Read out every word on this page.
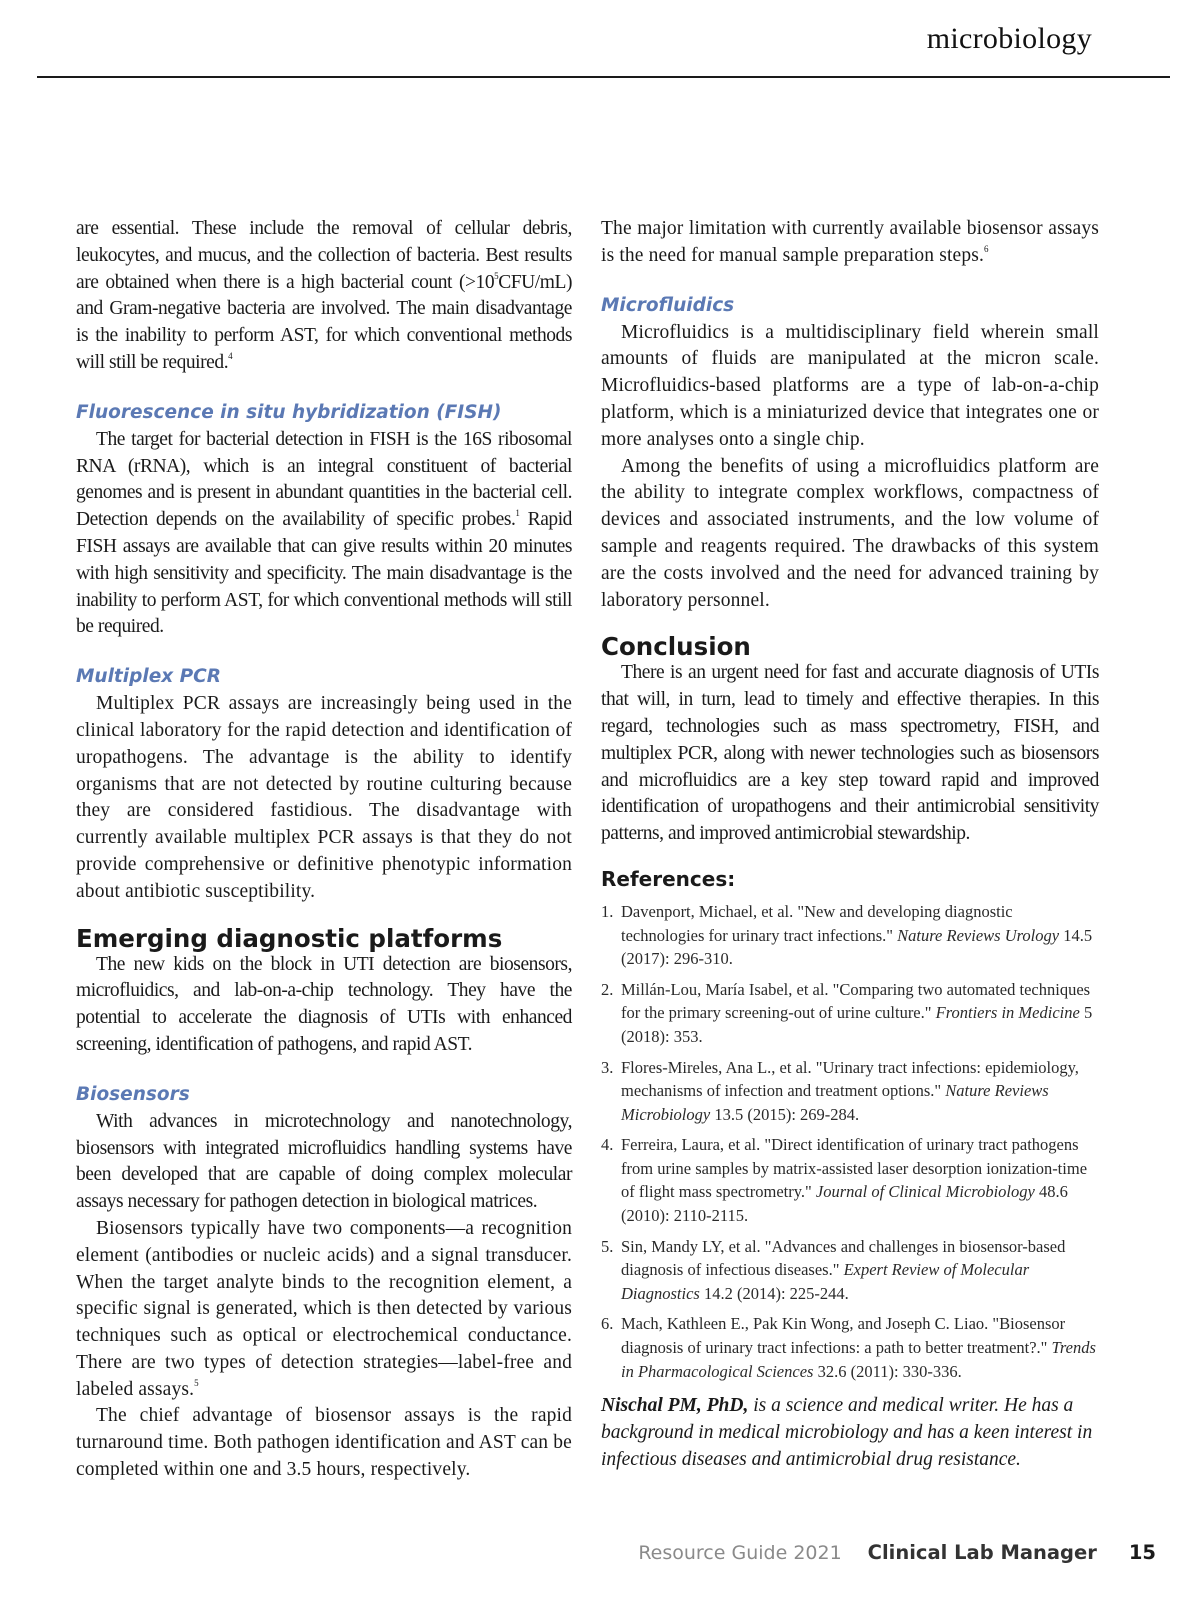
microbiology

are essential. These include the removal of cellular debris, leukocytes, and mucus, and the collection of bacteria. Best results are obtained when there is a high bacterial count $(>10^5CFU/mL)$ and Gram-negative bacteria are involved. The main disadvantage is the inability to perform AST, for which conventional methods will still be required.$^4$

Fluorescence in situ hybridization (FISH)

The target for bacterial detection in FISH is the 16S ribosomal RNA (rRNA), which is an integral constituent of bacterial genomes and is present in abundant quantities in the bacterial cell. Detection depends on the availability of specific probes.$^1$ Rapid FISH assays are available that can give results within 20 minutes with high sensitivity and specificity. The main disadvantage is the inability to perform AST, for which conventional methods will still be required.

Multiplex PCR

Multiplex PCR assays are increasingly being used in the clinical laboratory for the rapid detection and identification of uropathogens. The advantage is the ability to identify organisms that are not detected by routine culturing because they are considered fastidious. The disadvantage with currently available multiplex PCR assays is that they do not provide comprehensive or definitive phenotypic information about antibiotic susceptibility.

Emerging diagnostic platforms

The new kids on the block in UTI detection are biosensors, microfluidics, and lab-on-a-chip technology. They have the potential to accelerate the diagnosis of UTIs with enhanced screening, identification of pathogens, and rapid AST.

Biosensors

With advances in microtechnology and nanotechnology, biosensors with integrated microfluidics handling systems have been developed that are capable of doing complex molecular assays necessary for pathogen detection in biological matrices.

Biosensors typically have two components—a recognition element (antibodies or nucleic acids) and a signal transducer. When the target analyte binds to the recognition element, a specific signal is generated, which is then detected by various techniques such as optical or electrochemical conductance. There are two types of detection strategies—label-free and labeled assays.$^5$

The chief advantage of biosensor assays is the rapid turnaround time. Both pathogen identification and AST can be completed within one and 3.5 hours, respectively.

The major limitation with currently available biosensor assays is the need for manual sample preparation steps.$^6$

Microfluidics

Microfluidics is a multidisciplinary field wherein small amounts of fluids are manipulated at the micron scale. Microfluidics-based platforms are a type of lab-on-a-chip platform, which is a miniaturized device that integrates one or more analyses onto a single chip.

Among the benefits of using a microfluidics platform are the ability to integrate complex workflows, compactness of devices and associated instruments, and the low volume of sample and reagents required. The drawbacks of this system are the costs involved and the need for advanced training by laboratory personnel.

Conclusion

There is an urgent need for fast and accurate diagnosis of UTIs that will, in turn, lead to timely and effective therapies. In this regard, technologies such as mass spectrometry, FISH, and multiplex PCR, along with newer technologies such as biosensors and microfluidics are a key step toward rapid and improved identification of uropathogens and their antimicrobial sensitivity patterns, and improved antimicrobial stewardship.

References:
1. Davenport, Michael, et al. "New and developing diagnostic technologies for urinary tract infections." Nature Reviews Urology 14.5 (2017): 296-310.
2. Millán-Lou, María Isabel, et al. "Comparing two automated techniques for the primary screening-out of urine culture." Frontiers in Medicine 5 (2018): 353.
3. Flores-Mireles, Ana L., et al. "Urinary tract infections: epidemiology, mechanisms of infection and treatment options." Nature Reviews Microbiology 13.5 (2015): 269-284.
4. Ferreira, Laura, et al. "Direct identification of urinary tract pathogens from urine samples by matrix-assisted laser desorption ionization-time of flight mass spectrometry." Journal of Clinical Microbiology 48.6 (2010): 2110-2115.
5. Sin, Mandy LY, et al. "Advances and challenges in biosensor-based diagnosis of infectious diseases." Expert Review of Molecular Diagnostics 14.2 (2014): 225-244.
6. Mach, Kathleen E., Pak Kin Wong, and Joseph C. Liao. "Biosensor diagnosis of urinary tract infections: a path to better treatment?." Trends in Pharmacological Sciences 32.6 (2011): 330-336.

Nischal PM, PhD, is a science and medical writer. He has a background in medical microbiology and has a keen interest in infectious diseases and antimicrobial drug resistance.

Resource Guide 2021 Clinical Lab Manager 15
